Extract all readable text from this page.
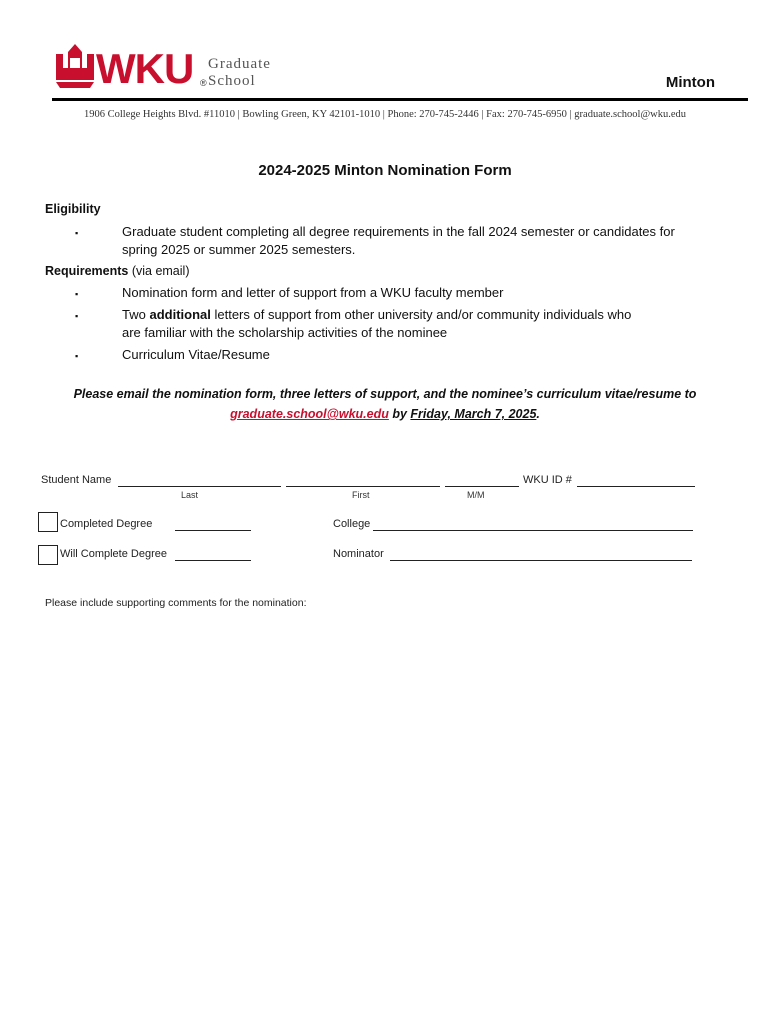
WKU ®
Graduate
School	Minton
1906 College Heights Blvd. #11010 | Bowling Green, KY 42101-1010 | Phone: 270-745-2446 | Fax: 270-745-6950 | graduate.school@wku.edu
2024-2025 Minton Nomination Form
Eligibility
▪	Graduate student completing all degree requirements in the fall 2024 semester or candidates for
spring 2025 or summer 2025 semesters.
Requirements (via email)
▪	Nomination form and letter of support from a WKU faculty member
▪	Two additional letters of support from other university and/or community individuals who
are familiar with the scholarship activities of the nominee
▪	Curriculum Vitae/Resume
Please email the nomination form, three letters of support, and the nominee’s curriculum vitae/resume to
graduate.school@wku.edu by Friday, March 7, 2025.
Student Name	WKU ID #
Last	First	M/M
Completed Degree	College
Will Complete Degree	Nominator
Please include supporting comments for the nomination:
